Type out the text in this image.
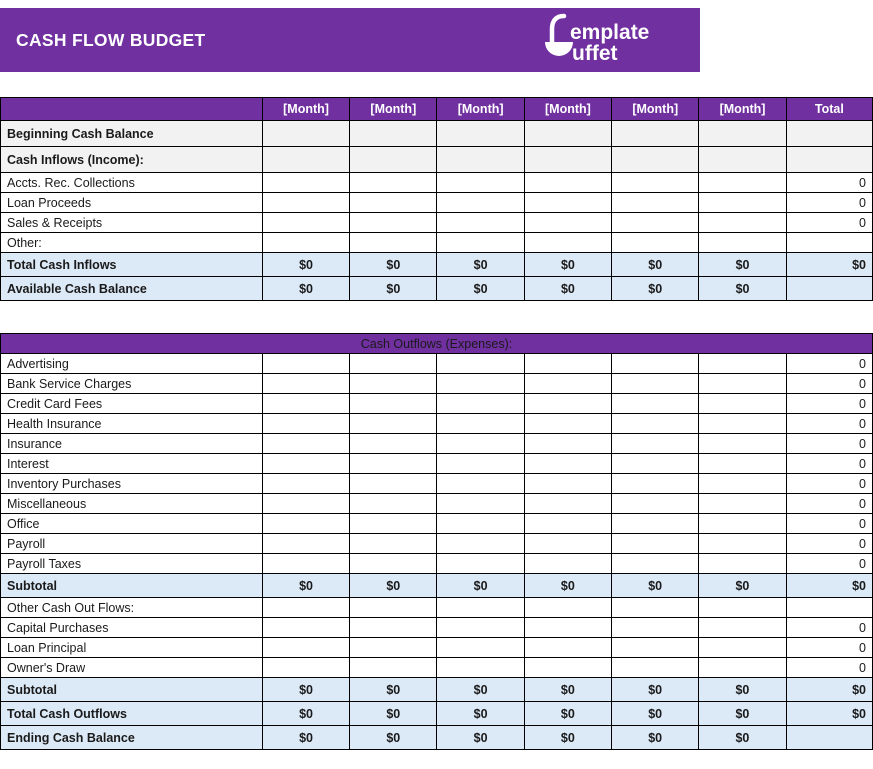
CASH FLOW BUDGET	emplate
uffet
	[Month]	[Month]	[Month]	[Month]	[Month]	[Month]	Total
Beginning Cash Balance							
Cash Inflows (Income):							
Accts. Rec. Collections							0
Loan Proceeds							0
Sales & Receipts							0
Other:							
Total Cash Inflows	$0	$0	$0	$0	$0	$0	$0
Available Cash Balance	$0	$0	$0	$0	$0	$0	
Cash Outflows (Expenses):							
Advertising							0
Bank Service Charges							0
Credit Card Fees							0
Health Insurance							0
Insurance							0
Interest							0
Inventory Purchases							0
Miscellaneous							0
Office							0
Payroll							0
Payroll Taxes							0
Subtotal	$0	$0	$0	$0	$0	$0	$0
Other Cash Out Flows:							
Capital Purchases							0
Loan Principal							0
Owner's Draw							0
Subtotal	$0	$0	$0	$0	$0	$0	$0
Total Cash Outflows	$0	$0	$0	$0	$0	$0	$0
Ending Cash Balance	$0	$0	$0	$0	$0	$0	
